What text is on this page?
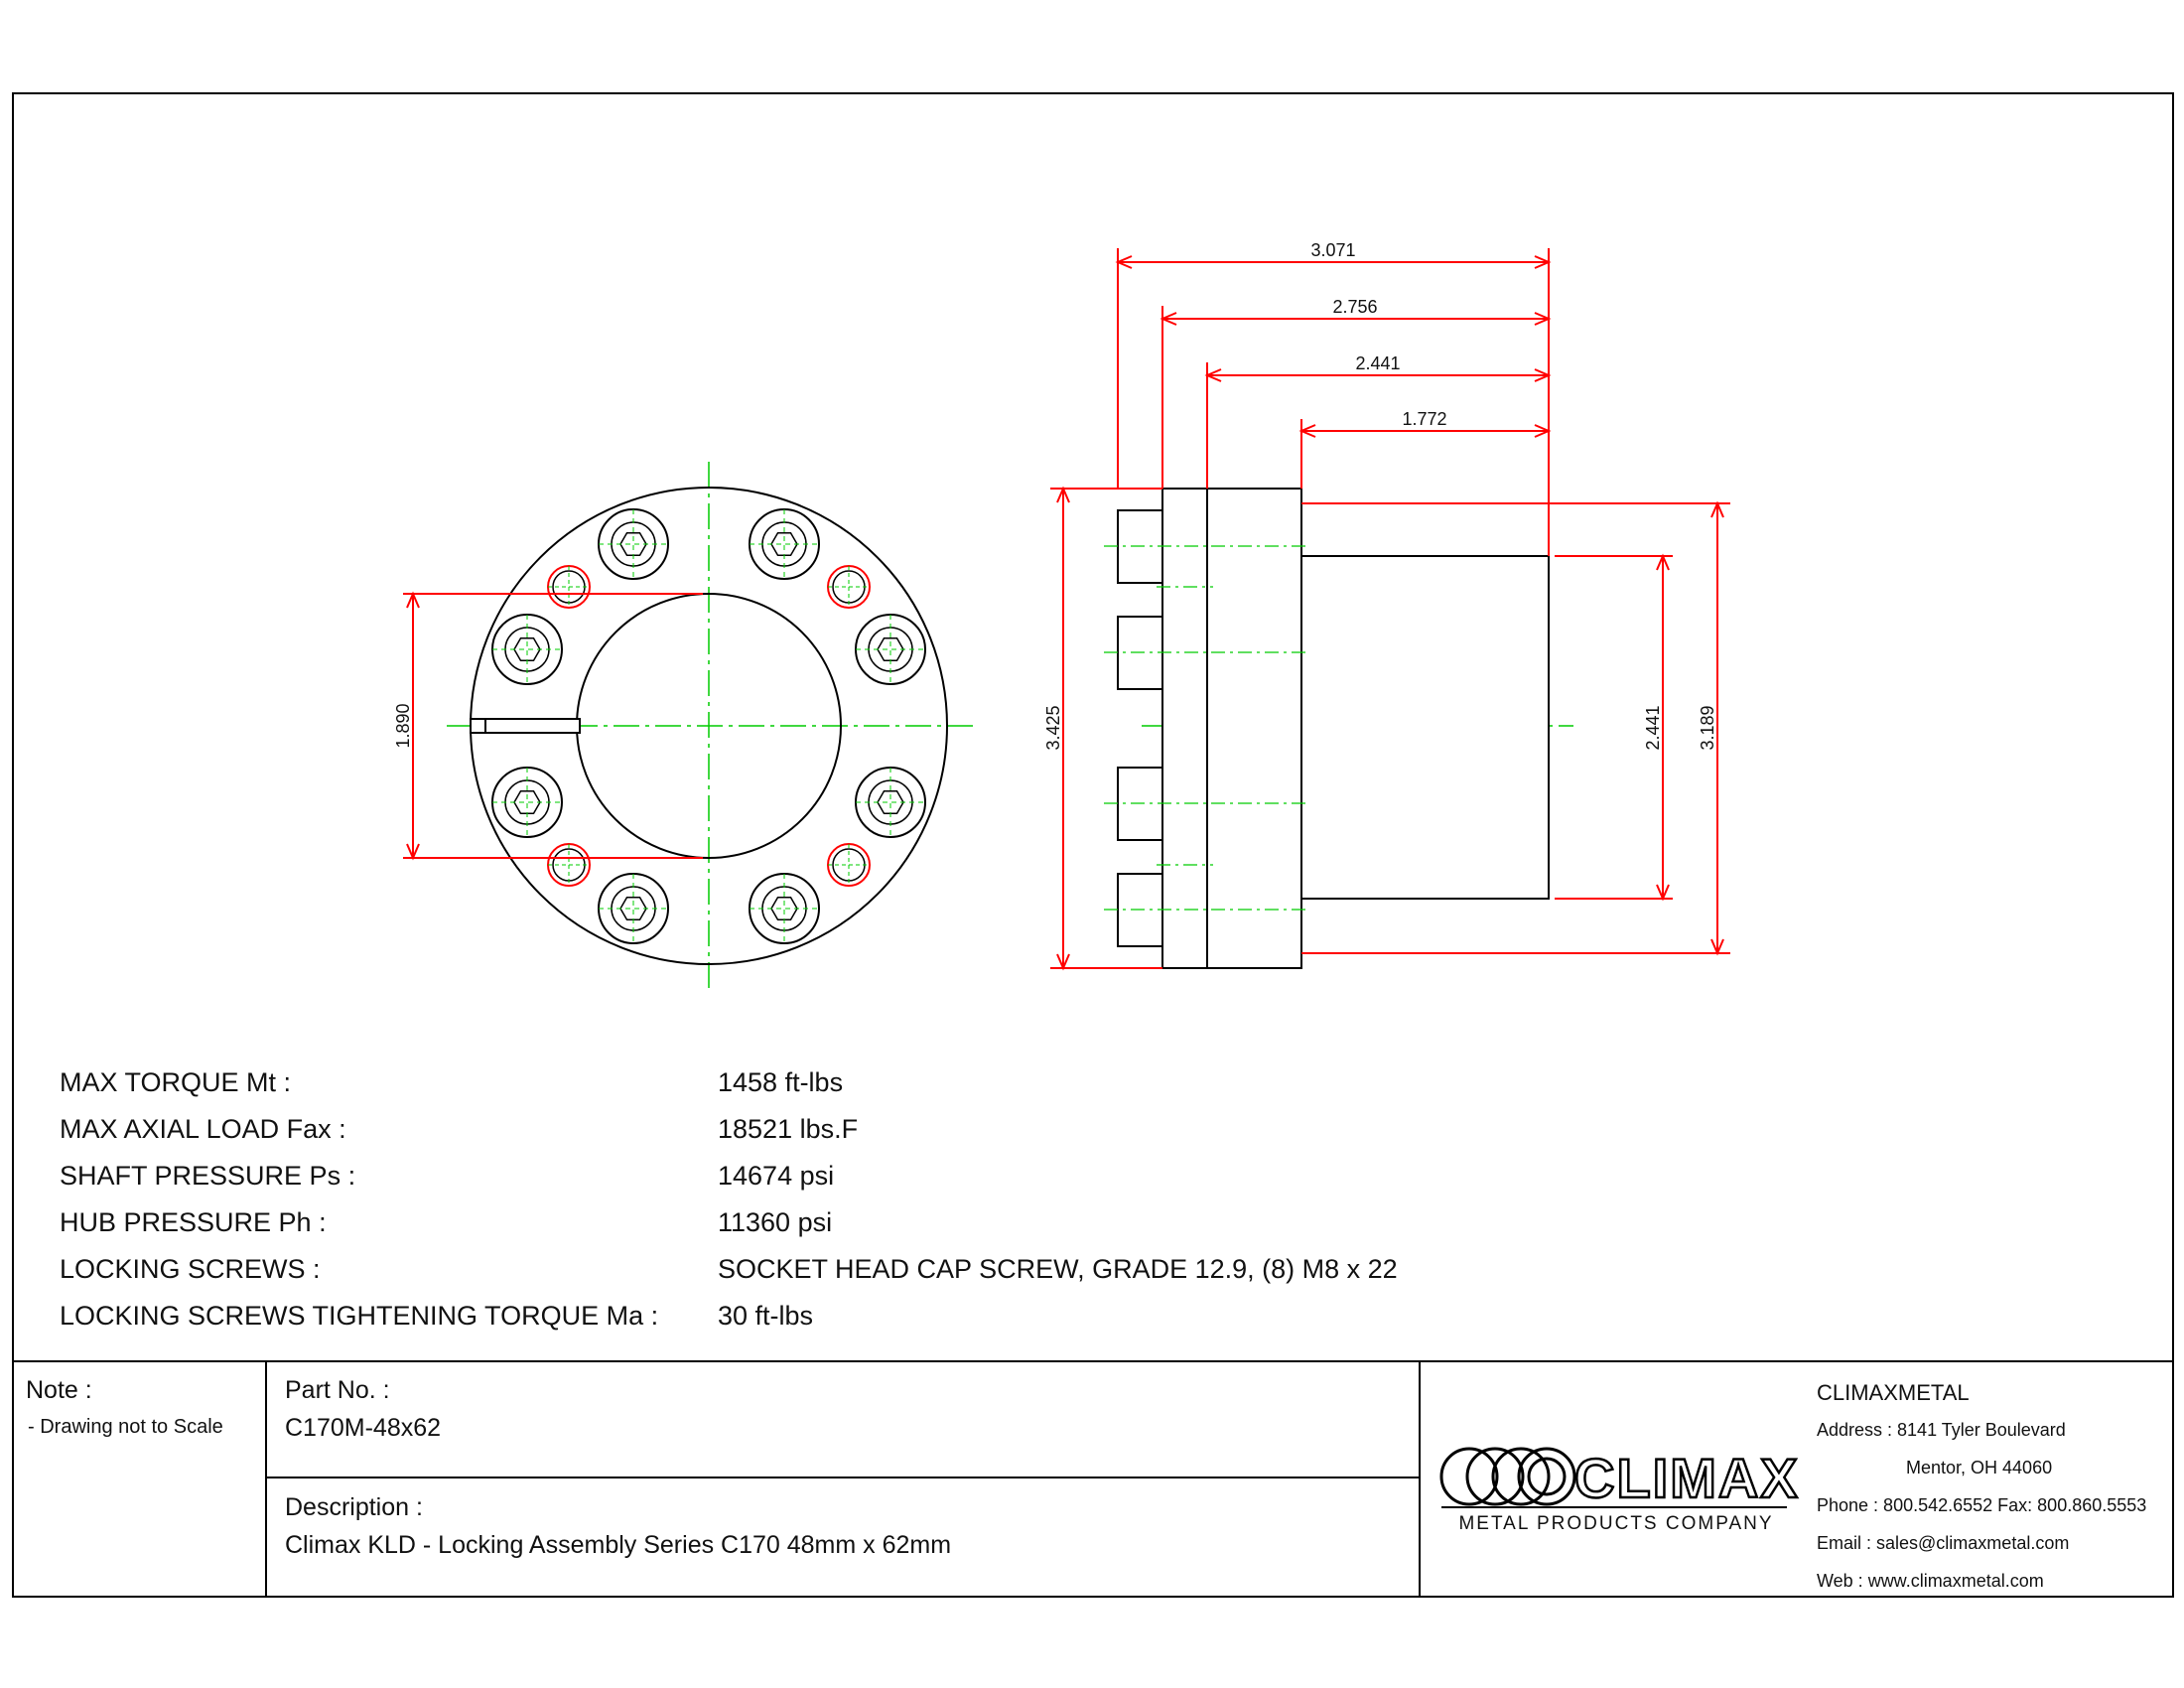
1.890
3.071
2.756
2.441
1.772
3.425	2.441 3.189
CLIMAX
METAL PRODUCTS COMPANY
MAX TORQUE Mt :	1458 ft-lbs
MAX AXIAL LOAD Fax :	18521 lbs.F
SHAFT PRESSURE Ps :	14674 psi
HUB PRESSURE Ph :	11360 psi
LOCKING SCREWS :	SOCKET HEAD CAP SCREW, GRADE 12.9, (8) M8 x 22
LOCKING SCREWS TIGHTENING TORQUE Ma : 30 ft-lbs
Note :
- Drawing not to Scale
Part No. :
C170M-48x62
Description :
Climax KLD - Locking Assembly Series C170 48mm x 62mm
CLIMAXMETAL
Address : 8141 Tyler Boulevard
Mentor, OH 44060
Phone : 800.542.6552 Fax: 800.860.5553
Email : sales@climaxmetal.com
Web : www.climaxmetal.com
